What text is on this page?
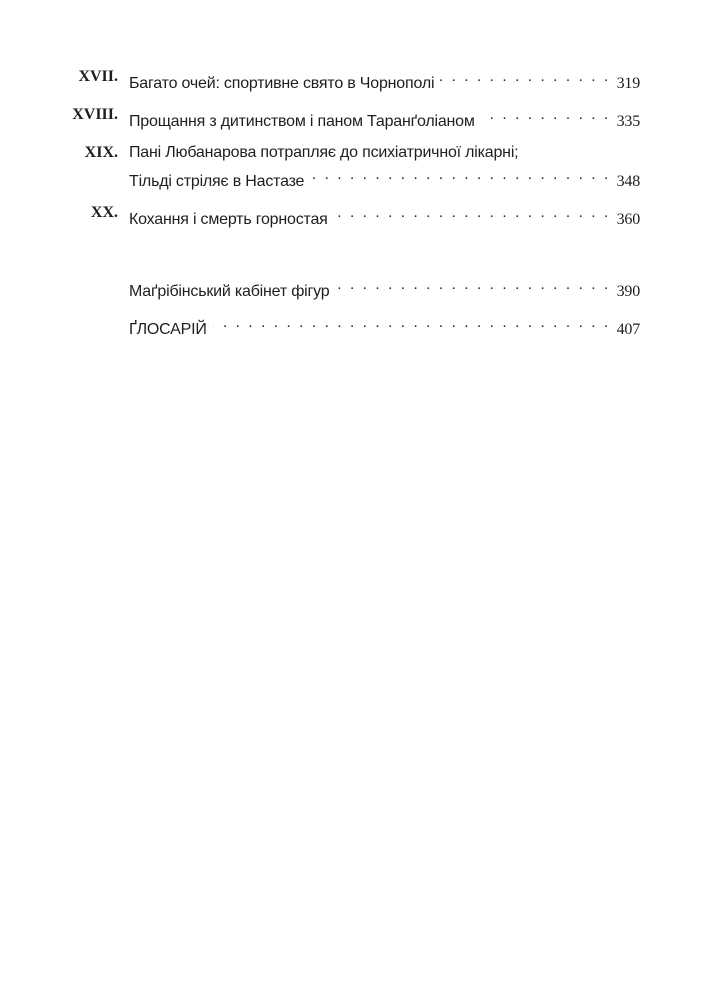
XVII. Багато очей: спортивне свято в Чорнополі . . .	319
XVIII. Прощання з дитинством і паном Таранґоліаном . . .	335
XIX. Пані Любанарова потрапляє до психіатричної лікарні;
Тільді стріляє в Настазе . . .	348
XX. Кохання і смерть горностая . . .	360
Маґрібінський кабінет фігур . . .	390
ҐЛОСАРІЙ . . .	407
